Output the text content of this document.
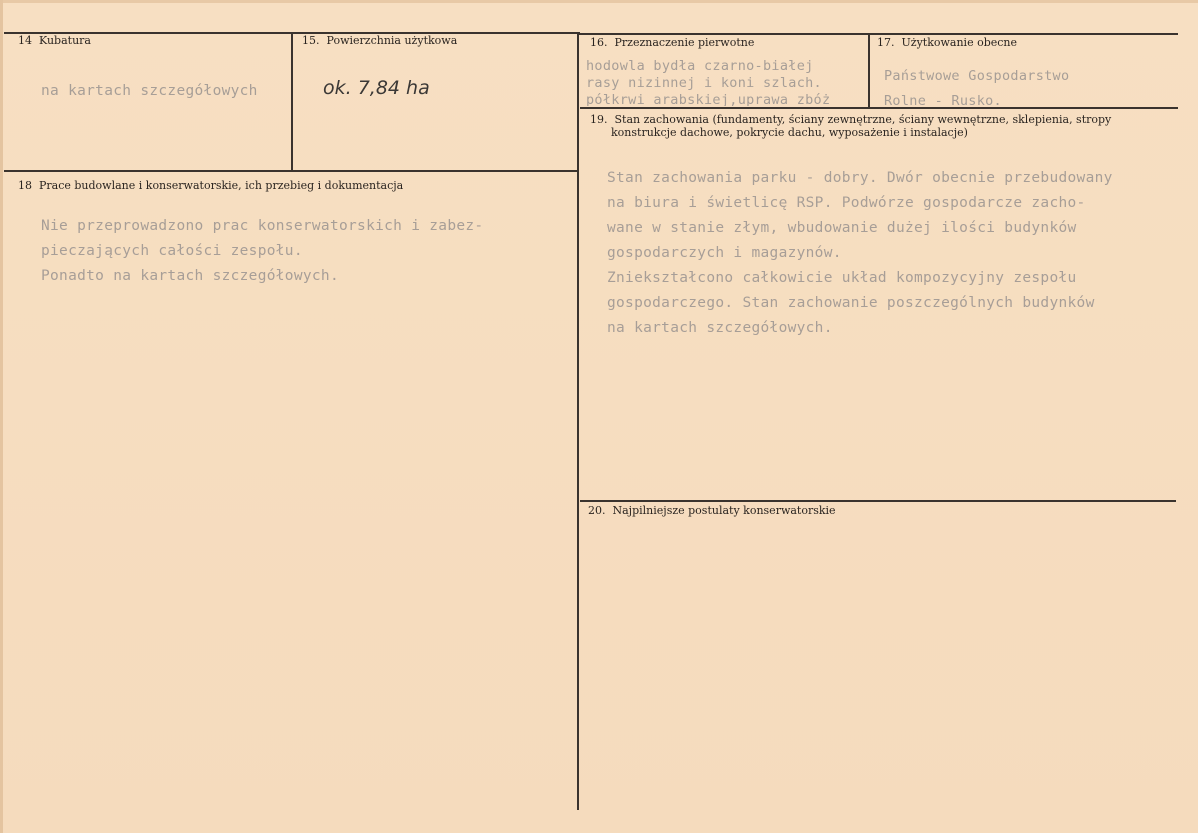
14 Kubatura
na kartach szczegółowych
15. Powierzchnia użytkowa
ok. 7,84 ha
16. Przeznaczenie pierwotne
hodowla bydła czarno-białej
rasy nizinnej i koni szlach.
półkrwi arabskiej,uprawa zbóż
17. Użytkowanie obecne
Państwowe Gospodarstwo
Rolne - Rusko.
18 Prace budowlane i konserwatorskie, ich przebieg i dokumentacja
Nie przeprowadzono prac konserwatorskich i zabez-
pieczających całości zespołu.
Ponadto na kartach szczegółowych.
19. Stan zachowania (fundamenty, ściany zewnętrzne, ściany wewnętrzne, sklepienia, stropy
konstrukcje dachowe, pokrycie dachu, wyposażenie i instalacje)
Stan zachowania parku - dobry. Dwór obecnie przebudowany
na biura i świetlicę RSP. Podwórze gospodarcze zacho-
wane w stanie złym, wbudowanie dużej ilości budynków
gospodarczych i magazynów.
Zniekształcono całkowicie układ kompozycyjny zespołu
gospodarczego. Stan zachowanie poszczególnych budynków
na kartach szczegółowych.
20. Najpilniejsze postulaty konserwatorskie
